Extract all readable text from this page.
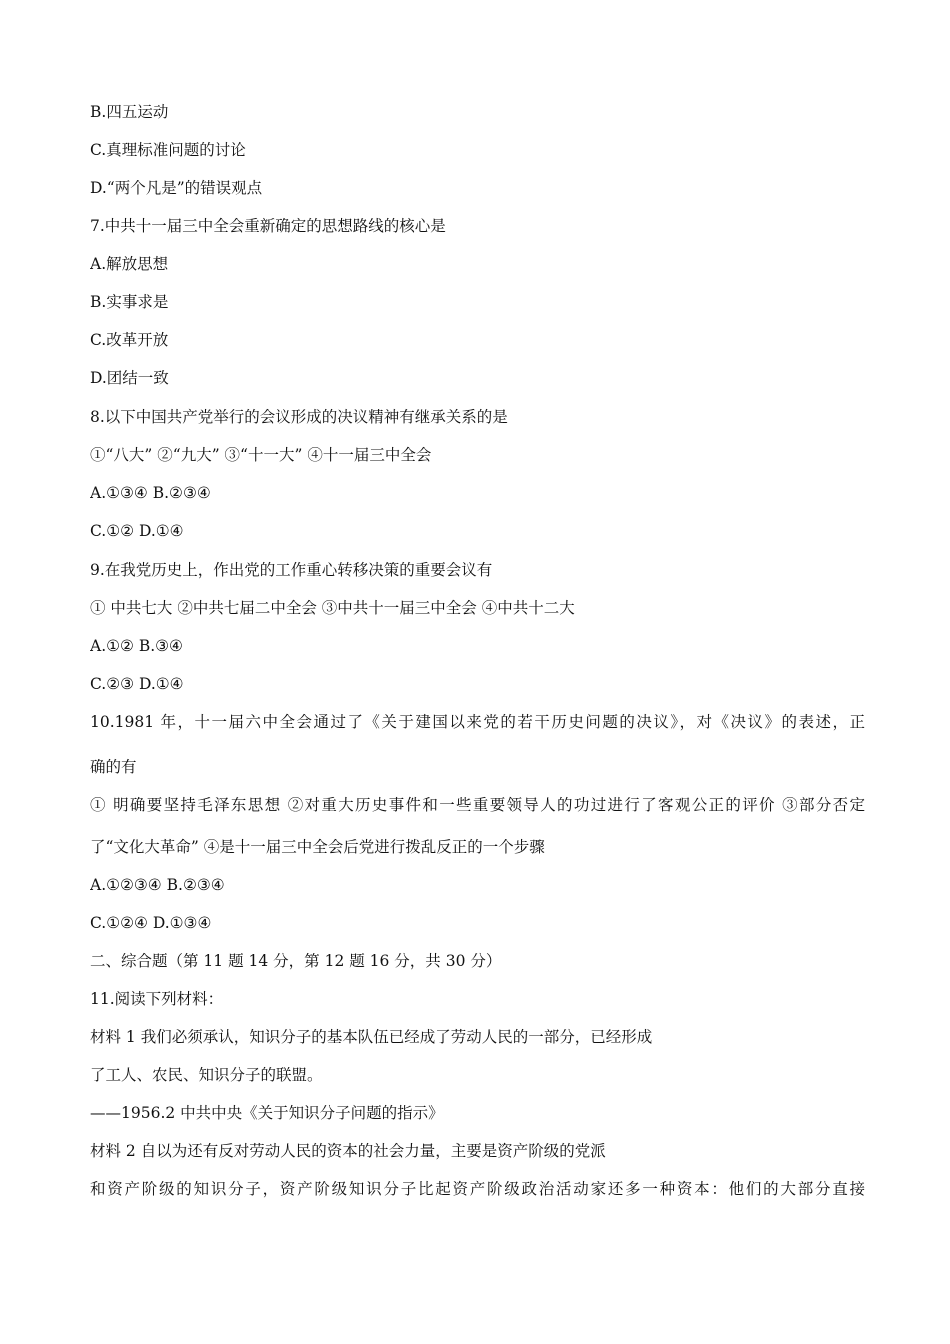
B.四五运动
C.真理标准问题的讨论
D.“两个凡是”的错误观点
7.中共十一届三中全会重新确定的思想路线的核心是
A.解放思想
B.实事求是
C.改革开放
D.团结一致
8.以下中国共产党举行的会议形成的决议精神有继承关系的是
①“八大” ②“九大” ③“十一大” ④十一届三中全会
A.①③④ B.②③④
C.①② D.①④
9.在我党历史上，作出党的工作重心转移决策的重要会议有
① 中共七大 ②中共七届二中全会 ③中共十一届三中全会 ④中共十二大
A.①② B.③④
C.②③ D.①④
10.1981 年，十一届六中全会通过了《关于建国以来党的若干历史问题的决议》，对《决议》的表述，正
确的有
① 明确要坚持毛泽东思想 ②对重大历史事件和一些重要领导人的功过进行了客观公正的评价 ③部分否定
了“文化大革命” ④是十一届三中全会后党进行拨乱反正的一个步骤
A.①②③④ B.②③④
C.①②④ D.①③④
二、综合题（第 11 题 14 分，第 12 题 16 分，共 30 分）
11.阅读下列材料：
材料 1 我们必须承认，知识分子的基本队伍已经成了劳动人民的一部分，已经形成
了工人、农民、知识分子的联盟。
——1956.2 中共中央《关于知识分子问题的指示》
材料 2 自以为还有反对劳动人民的资本的社会力量，主要是资产阶级的党派
和资产阶级的知识分子，资产阶级知识分子比起资产阶级政治活动家还多一种资本：他们的大部分直接
